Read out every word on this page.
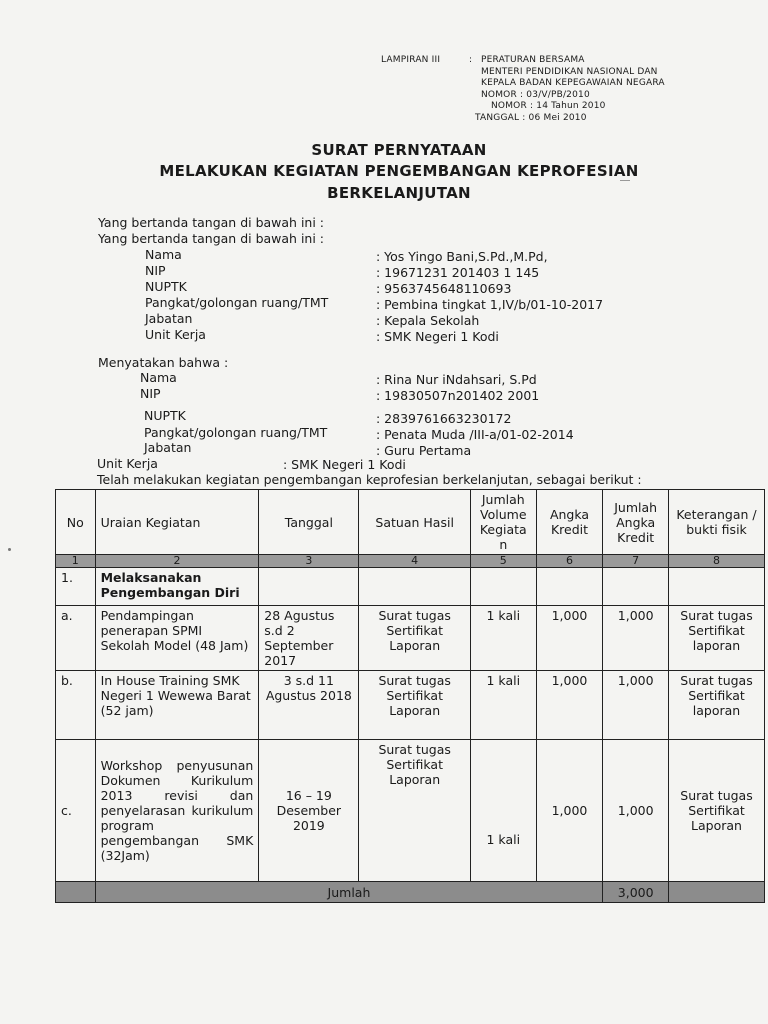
LAMPIRAN III	: PERATURAN BERSAMA
MENTERI PENDIDIKAN NASIONAL DAN
KEPALA BADAN KEPEGAWAIAN NEGARA
NOMOR : 03/V/PB/2010
NOMOR : 14 Tahun 2010
TANGGAL : 06 Mei 2010
SURAT PERNYATAAN
MELAKUKAN KEGIATAN PENGEMBANGAN KEPROFESIAN
BERKELANJUTAN
Yang bertanda tangan di bawah ini :
Yang bertanda tangan di bawah ini :
Nama	: Yos Yingo Bani,S.Pd.,M.Pd,
NIP	: 19671231 201403 1 145
NUPTK	: 9563745648110693
Pangkat/golongan ruang/TMT	: Pembina tingkat 1,IV/b/01-10-2017
Jabatan	: Kepala Sekolah
Unit Kerja	: SMK Negeri 1 Kodi
Menyatakan bahwa :
Nama	: Rina Nur iNdahsari, S.Pd
NIP	: 19830507n201402 2001
NUPTK	: 2839761663230172
Pangkat/golongan ruang/TMT	: Penata Muda /III-a/01-02-2014
Jabatan	: Guru Pertama
Unit Kerja	: SMK Negeri 1 Kodi
Telah melakukan kegiatan pengembangan keprofesian berkelanjutan, sebagai berikut :
No	Uraian Kegiatan	Tanggal	Satuan Hasil	Jumlah Volume Kegiata n	Angka Kredit	Jumlah Angka Kredit	Keterangan / bukti fisik
1	2	3	4	5	6	7	8
1.	Melaksanakan Pengembangan Diri						
a.	Pendampingan penerapan SPMI Sekolah Model (48 Jam)	28 Agustus s.d 2 September 2017	Surat tugas Sertifikat Laporan	1 kali	1,000	1,000	Surat tugas Sertifikat laporan
b.	In House Training SMK Negeri 1 Wewewa Barat (52 jam)	3 s.d 11 Agustus 2018	Surat tugas Sertifikat Laporan	1 kali	1,000	1,000	Surat tugas Sertifikat laporan
c.	Workshop penyusunan Dokumen Kurikulum 2013 revisi dan penyelarasan kurikulum program pengembangan SMK (32Jam)	16 – 19 Desember 2019	Surat tugas Sertifikat Laporan	1 kali	1,000	1,000	Surat tugas Sertifikat Laporan
	Jumlah					3,000	
